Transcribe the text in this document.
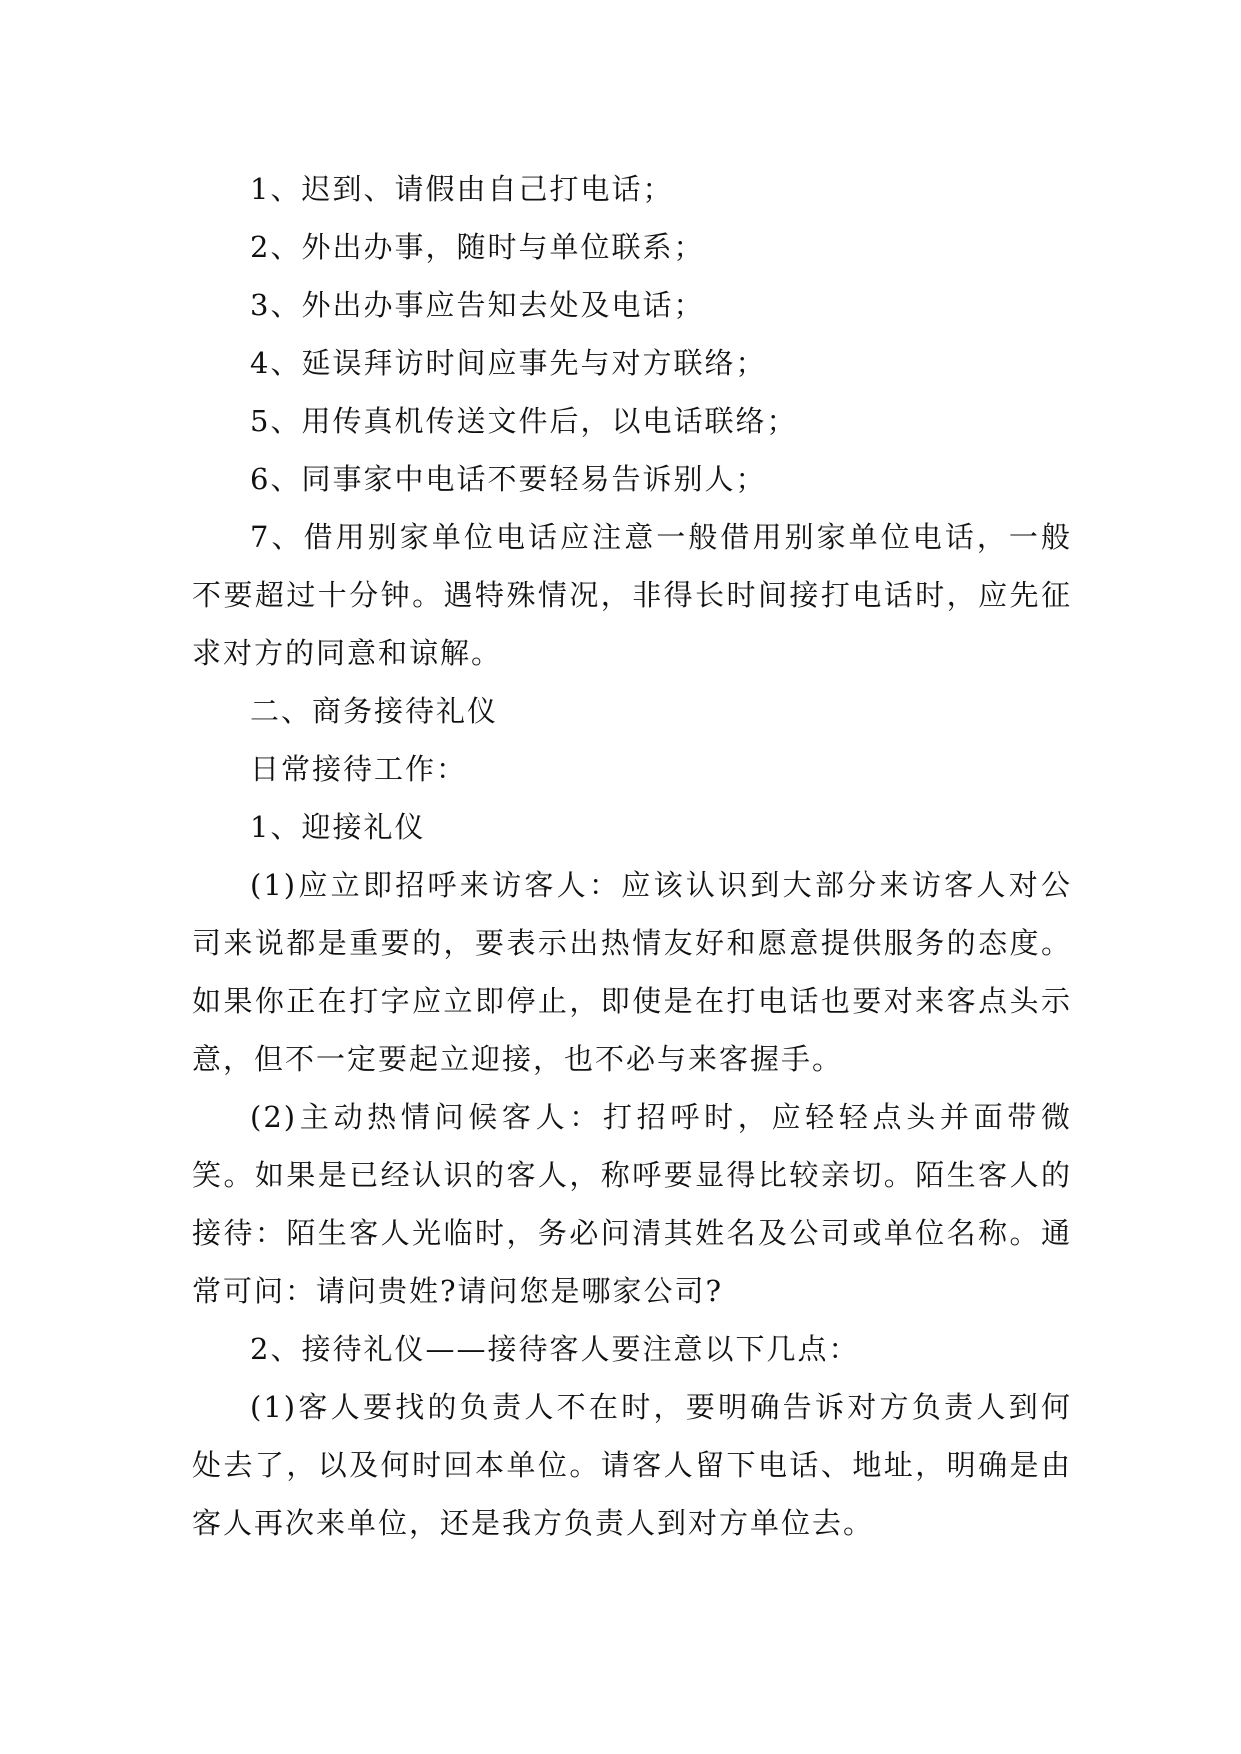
1、迟到、请假由自己打电话；

2、外出办事，随时与单位联系；

3、外出办事应告知去处及电话；

4、延误拜访时间应事先与对方联络；

5、用传真机传送文件后，以电话联络；

6、同事家中电话不要轻易告诉别人；

7、借用别家单位电话应注意一般借用别家单位电话，一般不要超过十分钟。遇特殊情况，非得长时间接打电话时，应先征求对方的同意和谅解。

二、商务接待礼仪

日常接待工作：

1、迎接礼仪

(1)应立即招呼来访客人：应该认识到大部分来访客人对公司来说都是重要的，要表示出热情友好和愿意提供服务的态度。如果你正在打字应立即停止，即使是在打电话也要对来客点头示意，但不一定要起立迎接，也不必与来客握手。

(2)主动热情问候客人：打招呼时，应轻轻点头并面带微笑。如果是已经认识的客人，称呼要显得比较亲切。陌生客人的接待：陌生客人光临时，务必问清其姓名及公司或单位名称。通常可问：请问贵姓?请问您是哪家公司?

2、接待礼仪——接待客人要注意以下几点：

(1)客人要找的负责人不在时，要明确告诉对方负责人到何处去了，以及何时回本单位。请客人留下电话、地址，明确是由客人再次来单位，还是我方负责人到对方单位去。
